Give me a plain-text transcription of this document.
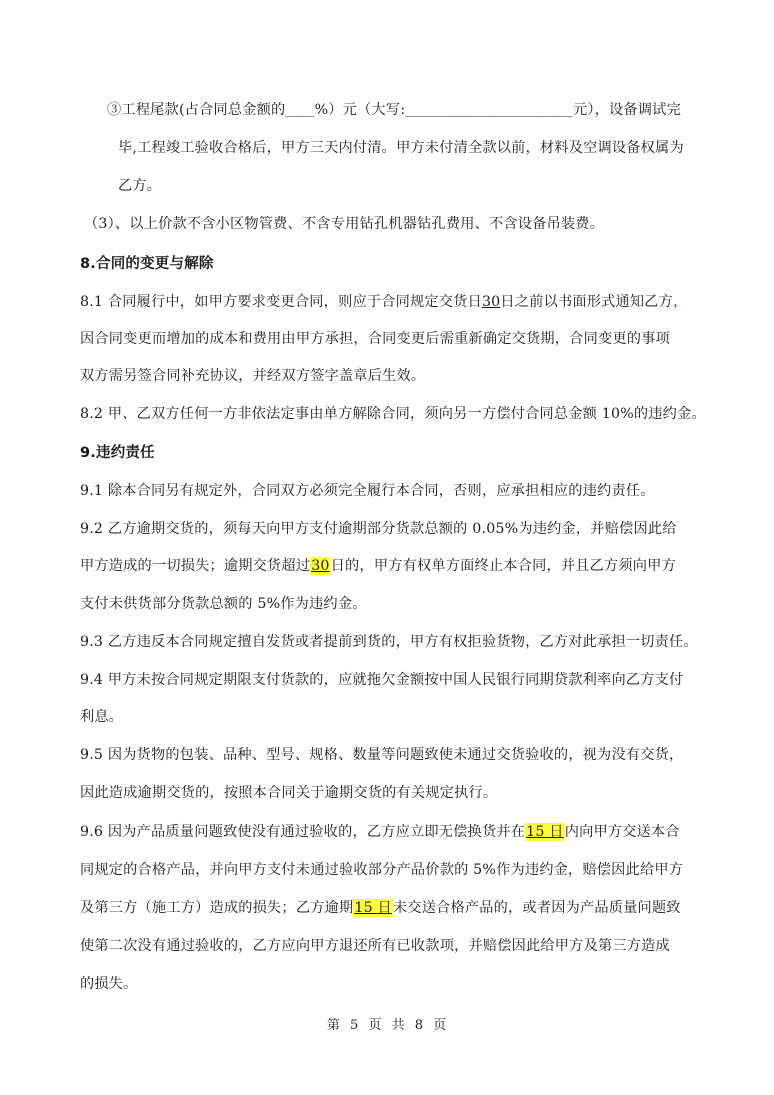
③工程尾款(占合同总金额的____%）元（大写:_______________________元），设备调试完
毕,工程竣工验收合格后，甲方三天内付清。甲方未付清全款以前，材料及空调设备权属为
乙方。
（3）、以上价款不含小区物管费、不含专用钻孔机器钻孔费用、不含设备吊装费。
8.合同的变更与解除
8.1 合同履行中，如甲方要求变更合同，则应于合同规定交货日30日之前以书面形式通知乙方，
因合同变更而增加的成本和费用由甲方承担，合同变更后需重新确定交货期，合同变更的事项
双方需另签合同补充协议，并经双方签字盖章后生效。
8.2 甲、乙双方任何一方非依法定事由单方解除合同，须向另一方偿付合同总金额 10%的违约金。
9.违约责任
9.1 除本合同另有规定外，合同双方必须完全履行本合同，否则，应承担相应的违约责任。
9.2 乙方逾期交货的，须每天向甲方支付逾期部分货款总额的 0.05%为违约金，并赔偿因此给
甲方造成的一切损失；逾期交货超过30日的，甲方有权单方面终止本合同，并且乙方须向甲方
支付未供货部分货款总额的 5%作为违约金。
9.3 乙方违反本合同规定擅自发货或者提前到货的，甲方有权拒验货物，乙方对此承担一切责任。
9.4 甲方未按合同规定期限支付货款的，应就拖欠金额按中国人民银行同期贷款利率向乙方支付
利息。
9.5 因为货物的包装、品种、型号、规格、数量等问题致使未通过交货验收的，视为没有交货，
因此造成逾期交货的，按照本合同关于逾期交货的有关规定执行。
9.6 因为产品质量问题致使没有通过验收的，乙方应立即无偿换货并在15 日内向甲方交送本合
同规定的合格产品，并向甲方支付未通过验收部分产品价款的 5%作为违约金，赔偿因此给甲方
及第三方（施工方）造成的损失；乙方逾期15 日未交送合格产品的，或者因为产品质量问题致
使第二次没有通过验收的，乙方应向甲方退还所有已收款项，并赔偿因此给甲方及第三方造成
的损失。
第 5 页 共 8 页
